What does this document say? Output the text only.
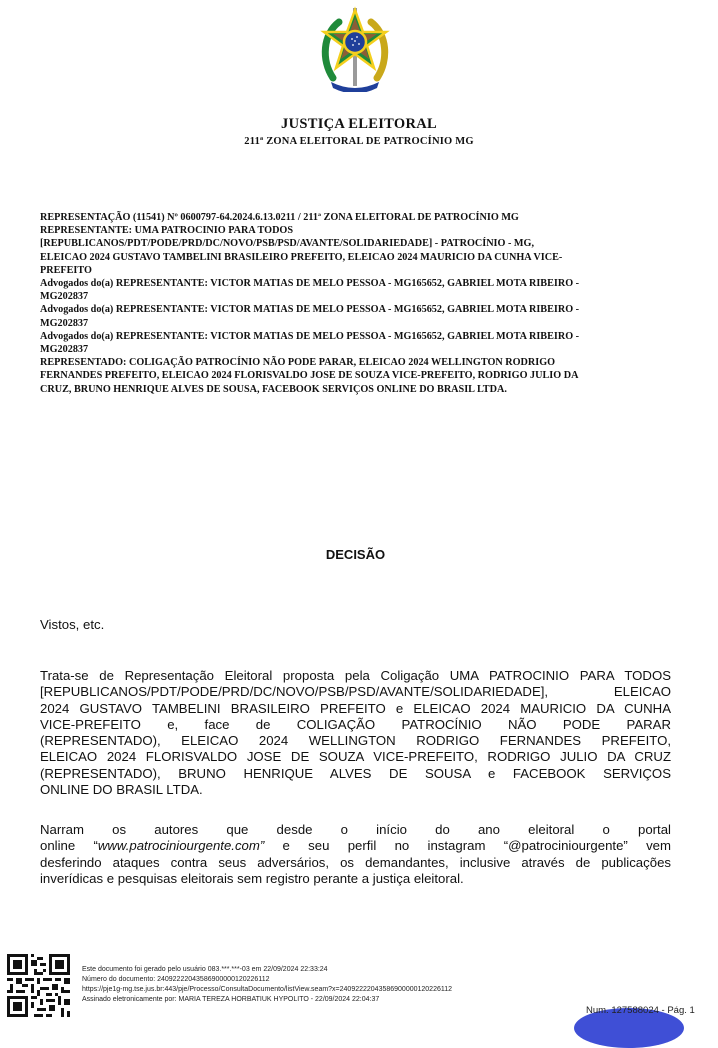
JUSTIÇA ELEITORAL
211ª ZONA ELEITORAL DE PATROCÍNIO MG
REPRESENTAÇÃO (11541) Nº 0600797-64.2024.6.13.0211 / 211ª ZONA ELEITORAL DE PATROCÍNIO MG
REPRESENTANTE: UMA PATROCINIO PARA TODOS
[REPUBLICANOS/PDT/PODE/PRD/DC/NOVO/PSB/PSD/AVANTE/SOLIDARIEDADE] - PATROCÍNIO - MG,
ELEICAO 2024 GUSTAVO TAMBELINI BRASILEIRO PREFEITO, ELEICAO 2024 MAURICIO DA CUNHA VICE-
PREFEITO
Advogados do(a) REPRESENTANTE: VICTOR MATIAS DE MELO PESSOA - MG165652, GABRIEL MOTA RIBEIRO -
MG202837
Advogados do(a) REPRESENTANTE: VICTOR MATIAS DE MELO PESSOA - MG165652, GABRIEL MOTA RIBEIRO -
MG202837
Advogados do(a) REPRESENTANTE: VICTOR MATIAS DE MELO PESSOA - MG165652, GABRIEL MOTA RIBEIRO -
MG202837
REPRESENTADO: COLIGAÇÃO PATROCÍNIO NÃO PODE PARAR, ELEICAO 2024 WELLINGTON RODRIGO
FERNANDES PREFEITO, ELEICAO 2024 FLORISVALDO JOSE DE SOUZA VICE-PREFEITO, RODRIGO JULIO DA
CRUZ, BRUNO HENRIQUE ALVES DE SOUSA, FACEBOOK SERVIÇOS ONLINE DO BRASIL LTDA.
DECISÃO
Vistos, etc.
Trata-se de Representação Eleitoral proposta pela Coligação UMA PATROCINIO PARA TODOS
[REPUBLICANOS/PDT/PODE/PRD/DC/NOVO/PSB/PSD/AVANTE/SOLIDARIEDADE], ELEICAO
2024 GUSTAVO TAMBELINI BRASILEIRO PREFEITO e ELEICAO 2024 MAURICIO DA CUNHA
VICE-PREFEITO e, face de COLIGAÇÃO PATROCÍNIO NÃO PODE PARAR
(REPRESENTADO), ELEICAO 2024 WELLINGTON RODRIGO FERNANDES PREFEITO,
ELEICAO 2024 FLORISVALDO JOSE DE SOUZA VICE-PREFEITO, RODRIGO JULIO DA CRUZ
(REPRESENTADO), BRUNO HENRIQUE ALVES DE SOUSA e FACEBOOK SERVIÇOS
ONLINE DO BRASIL LTDA.
Narram os autores que desde o início do ano eleitoral o portal
online “www.patrociniourgente.com” e seu perfil no instagram “@patrociniourgente” vem
desferindo ataques contra seus adversários, os demandantes, inclusive através de publicações
inverídicas e pesquisas eleitorais sem registro perante a justiça eleitoral.
Este documento foi gerado pelo usuário 083.***.***-03 em 22/09/2024 22:33:24
Número do documento: 24092222043586900000120226112
https://pje1g-mg.tse.jus.br:443/pje/Processo/ConsultaDocumento/listView.seam?x=24092222043586900000120226112
Assinado eletronicamente por: MARIA TEREZA HORBATIUK HYPOLITO - 22/09/2024 22:04:37
Num. 127588024 - Pág. 1
